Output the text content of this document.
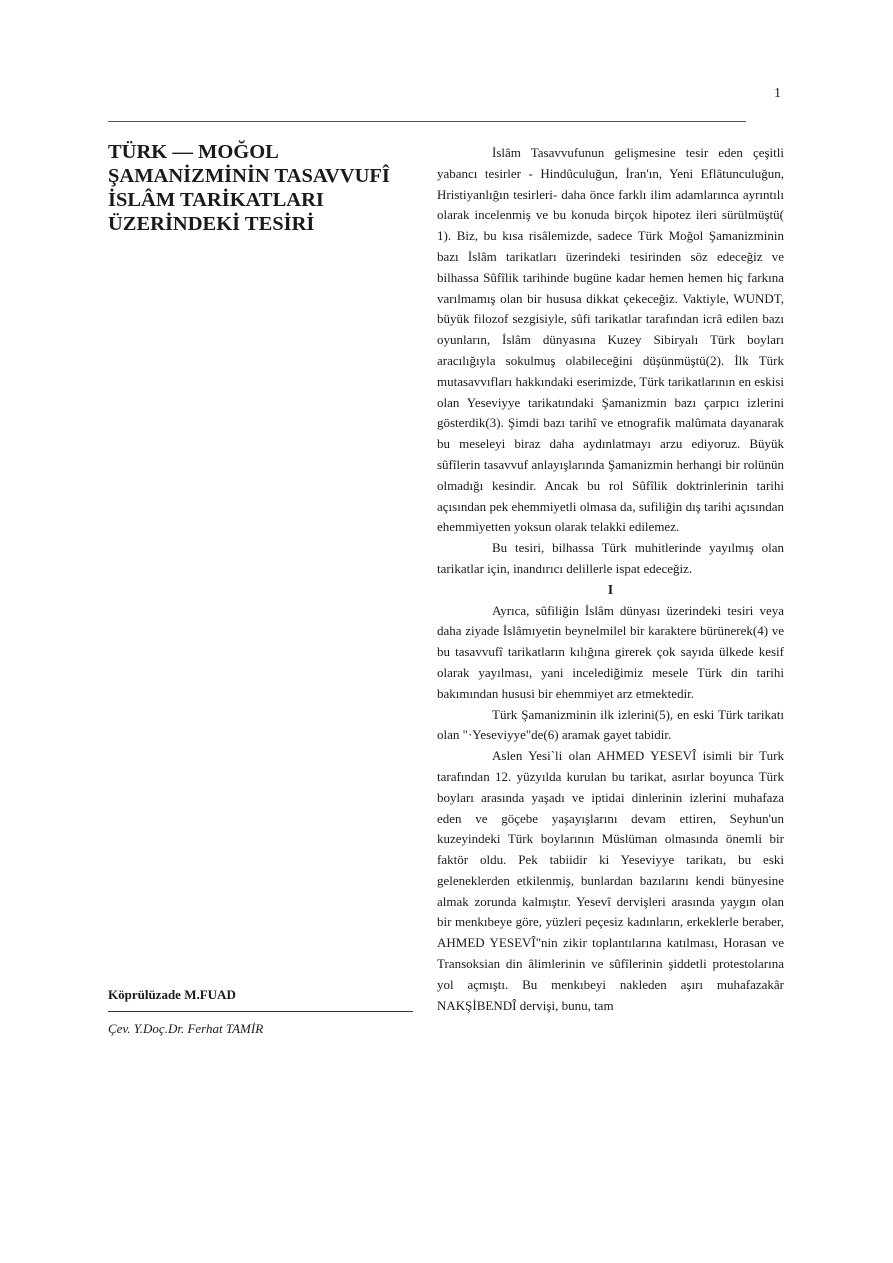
1
TÜRK — MOĞOL
ŞAMANİZMİNİN TASAVVUFÎ
İSLÂM TARİKATLARI
ÜZERİNDEKİ TESİRİ

Köprülüzade M.FUAD

Çev. Y.Doç.Dr. Ferhat TAMİR

İslâm Tasavvufunun gelişmesine tesir eden çeşitli yabancı tesirler - Hindûculuğun, İran'ın, Yeni Eflâtunculuğun, Hristiyanlığın tesirleri- daha önce farklı ilim adamlarınca ayrıntılı olarak incelenmiş ve bu konuda birçok hipotez ileri sürülmüştü( 1). Biz, bu kısa risâlemizde, sadece Türk Moğol Şamanizminin bazı İslâm tarikatları üzerindeki tesirinden söz edeceğiz ve bilhassa Sûfîlik tarihinde bugüne kadar hemen hemen hiç farkına varılmamış olan bir hususa dikkat çekeceğiz. Vaktiyle, WUNDT, büyük filozof sezgisiyle, sûfi tarikatlar tarafından icrâ edilen bazı oyunların, İslâm dünyasına Kuzey Sibiryalı Türk boyları aracılığıyla sokulmuş olabileceğini düşünmüştü(2). İlk Türk mutasavvıfları hakkındaki eserimizde, Türk tarikatlarının en eskisi olan Yeseviyye tarikatındaki Şamanizmin bazı çarpıcı izlerini gösterdik(3). Şimdi bazı tarihî ve etnografik malûmata dayanarak bu meseleyi biraz daha aydınlatmayı arzu ediyoruz. Büyük sûfîlerin tasavvuf anlayışlarında Şamanizmin herhangi bir rolünün olmadığı kesindir. Ancak bu rol Sûfîlik doktrinlerinin tarihi açısından pek ehemmiyetli olmasa da, sufiliğin dış tarihi açısından ehemmiyetten yoksun olarak telakki edilemez.

Bu tesiri, bilhassa Türk muhitlerinde yayılmış olan tarikatlar için, inandırıcı delillerle ispat edeceğiz.

I

Ayrıca, sûfiliğin İslâm dünyası üzerindeki tesiri veya daha ziyade İslâmıyetin beynelmilel bir karaktere bürünerek(4) ve bu tasavvufî tarikatların kılığına girerek çok sayıda ülkede kesif olarak yayılması, yani incelediğimiz mesele Türk din tarihi bakımından hususi bir ehemmiyet arz etmektedir.

Türk Şamanizminin ilk izlerini(5), en eski Türk tarikatı olan "·Yeseviyye"de(6) aramak gayet tabidir.

Aslen Yesi`li olan AHMED YESEVÎ isimli bir Turk tarafından 12. yüzyılda kurulan bu tarikat, asırlar boyunca Türk boyları arasında yaşadı ve iptidai dinlerinin izlerini muhafaza eden ve göçebe yaşayışlarını devam ettiren, Seyhun'un kuzeyindeki Türk boylarının Müslüman olmasında önemli bir faktör oldu. Pek tabiidir ki Yeseviyye tarikatı, bu eski geleneklerden etkilenmiş, bunlardan bazılarını kendi bünyesine almak zorunda kalmıştır. Yesevî dervişleri arasında yaygın olan bir menkıbeye göre, yüzleri peçesiz kadınların, erkeklerle beraber, AHMED YESEVÎ"nin zikir toplantılarına katılması, Horasan ve Transoksian din âlimlerinin ve sûfîlerinin şiddetli protestolarına yol açmıştı. Bu menkıbeyi nakleden aşırı muhafazakâr NAKŞİBENDÎ dervişi, bunu, tam
